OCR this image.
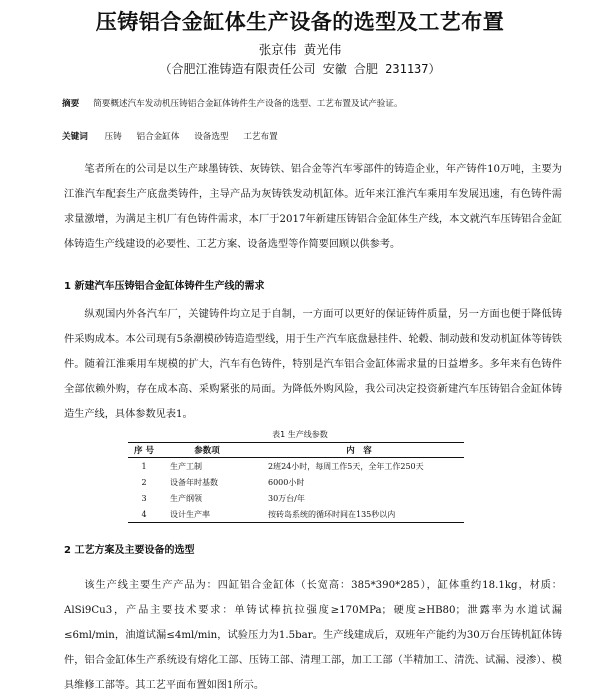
压铸铝合金缸体生产设备的选型及工艺布置
张京伟 黄光伟
（合肥江淮铸造有限责任公司 安徽 合肥 231137）
摘要 简要概述汽车发动机压铸铝合金缸体铸件生产设备的选型、工艺布置及试产验证。
关键词 压铸 铝合金缸体 设备选型 工艺布置

笔者所在的公司是以生产球墨铸铁、灰铸铁、铝合金等汽车零部件的铸造企业，年产铸件10万吨，主要为江淮汽车配套生产底盘类铸件，主导产品为灰铸铁发动机缸体。近年来江淮汽车乘用车发展迅速，有色铸件需求量激增，为满足主机厂有色铸件需求，本厂于2017年新建压铸铝合金缸体生产线，本文就汽车压铸铝合金缸体铸造生产线建设的必要性、工艺方案、设备选型等作简要回顾以供参考。

1 新建汽车压铸铝合金缸体铸件生产线的需求

纵观国内外各汽车厂，关键铸件均立足于自制，一方面可以更好的保证铸件质量，另一方面也便于降低铸件采购成本。本公司现有5条潮模砂铸造造型线，用于生产汽车底盘悬挂件、轮毂、制动鼓和发动机缸体等铸铁件。随着江淮乘用车规模的扩大，汽车有色铸件，特别是汽车铝合金缸体需求量的日益增多。多年来有色铸件全部依赖外购，存在成本高、采购紧张的局面。为降低外购风险，我公司决定投资新建汽车压铸铝合金缸体铸造生产线，具体参数见表1。

表1 生产线参数
序 号	参数项	内　容
1	生产工制	2班24小时，每周工作5天，全年工作250天
2	设备年时基数	6000小时
3	生产纲领	30万台/年
4	设计生产率	按砖岛系统的循环时间在135秒以内
2 工艺方案及主要设备的选型

该生产线主要生产产品为：四缸铝合金缸体（长宽高：385*390*285），缸体重约18.1kg，材质：AlSi9Cu3，产品主要技术要求：单铸试棒抗拉强度≥170MPa；硬度≥HB80；泄露率为水道试漏≤6ml/min，油道试漏≤4ml/min，试验压力为1.5bar。生产线建成后，双班年产能约为30万台压铸机缸体铸件，铝合金缸体生产系统设有熔化工部、压铸工部、清理工部，加工工部（半精加工、清洗、试漏、浸渗）、模具维修工部等。其工艺平面布置如图1所示。
